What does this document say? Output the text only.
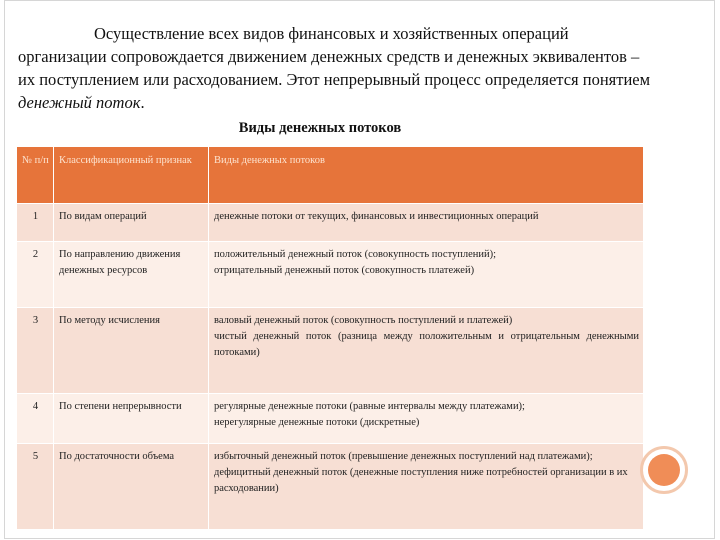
Осуществление всех видов финансовых и хозяйственных операций организации сопровождается движением денежных средств и денежных эквивалентов – их поступлением или расходованием. Этот непрерывный процесс определяется понятием денежный поток.
Виды денежных потоков
№ п/п	Классификационный признак	Виды денежных потоков
1	По видам операций	денежные потоки от текущих, финансовых и инвестиционных операций

2	По направлению движения денежных ресурсов	положительный денежный поток (совокупность поступлений);
отрицательный денежный поток (совокупность платежей)

3	По методу исчисления	валовый денежный поток (совокупность поступлений и платежей)
чистый денежный поток (разница между положительным и отрицательным денежными потоками)

4	По степени непрерывности	регулярные денежные потоки (равные интервалы между платежами);
нерегулярные денежные потоки (дискретные)

5	По достаточности объема	избыточный денежный поток (превышение денежных поступлений над платежами);
дефицитный денежный поток (денежные поступления ниже потребностей организации в их расходовании)
